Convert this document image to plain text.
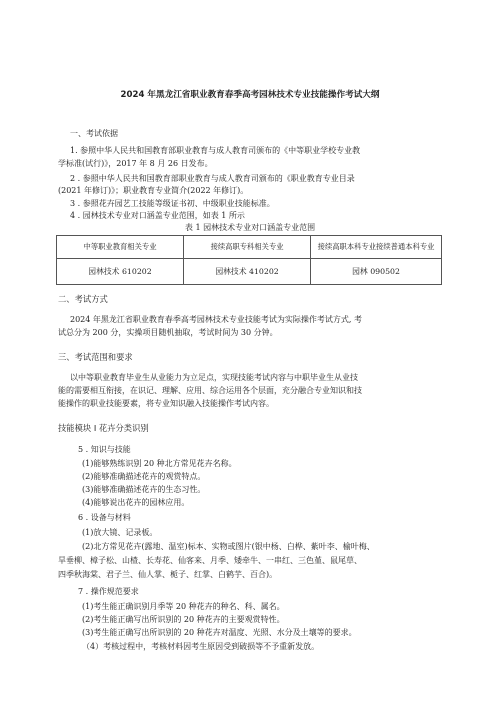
2024 年黑龙江省职业教育春季高考园林技术专业技能操作考试大纲
一、考试依据
1. 参照中华人民共和国教育部职业教育与成人教育司颁布的《中等职业学校专业教
学标准(试行)》，2017 年 8 月 26 日发布。
2 . 参照中华人民共和国教育部职业教育与成人教育司颁布的《职业教育专业目录
(2021 年修订)》；职业教育专业简介(2022 年修订)。
3 . 参照花卉园艺工技能等级证书初、中级职业技能标准。
4 . 园林技术专业对口涵盖专业范围，如表 1 所示
表 1 园林技术专业对口涵盖专业范围
中等职业教育相关专业	接续高职专科相关专业	接续高职本科专业接续普通本科专业
园林技术 610202	园林技术 410202	园林 090502
二、考试方式
2024 年黑龙江省职业教育春季高考园林技术专业技能考试为实际操作考试方式, 考
试总分为 200 分，实操项目随机抽取，考试时间为 30 分钟。
三、考试范围和要求
以中等职业教育毕业生从业能力为立足点，实现技能考试内容与中职毕业生从业技
能的需要相互衔接，在识记、理解、应用、综合运用各个层面，充分融合专业知识和技
能操作的职业技能要素，将专业知识融入技能操作考试内容。
技能模块 I 花卉分类识别
5 . 知识与技能
(1)能够熟练识别 20 种北方常见花卉名称。
(2)能够准确描述花卉的观赏特点。
(3)能够准确描述花卉的生态习性。
(4)能够说出花卉的园林应用。
6 . 设备与材料
(1)放大镜、记录板。
(2)北方常见花卉(露地、温室)标本、实物或图片(银中杨、白桦、紫叶李、榆叶梅、
旱垂柳、樟子松、山楂、长寿花、仙客来、月季、矮牵牛、一串红、三色堇、鼠尾草、
四季秋海棠、君子兰、仙人掌、栀子、红掌、白鹤芋、百合)。
7 . 操作规范要求
(1)考生能正确识别月季等 20 种花卉的种名、科、属名。
(2)考生能正确写出所识别的 20 种花卉的主要观赏特性。
(3)考生能正确写出所识别的 20 种花卉对温度、光照、水分及土壤等的要求。
（4）考核过程中，考核材料因考生原因受到破损等不予重新发放。
